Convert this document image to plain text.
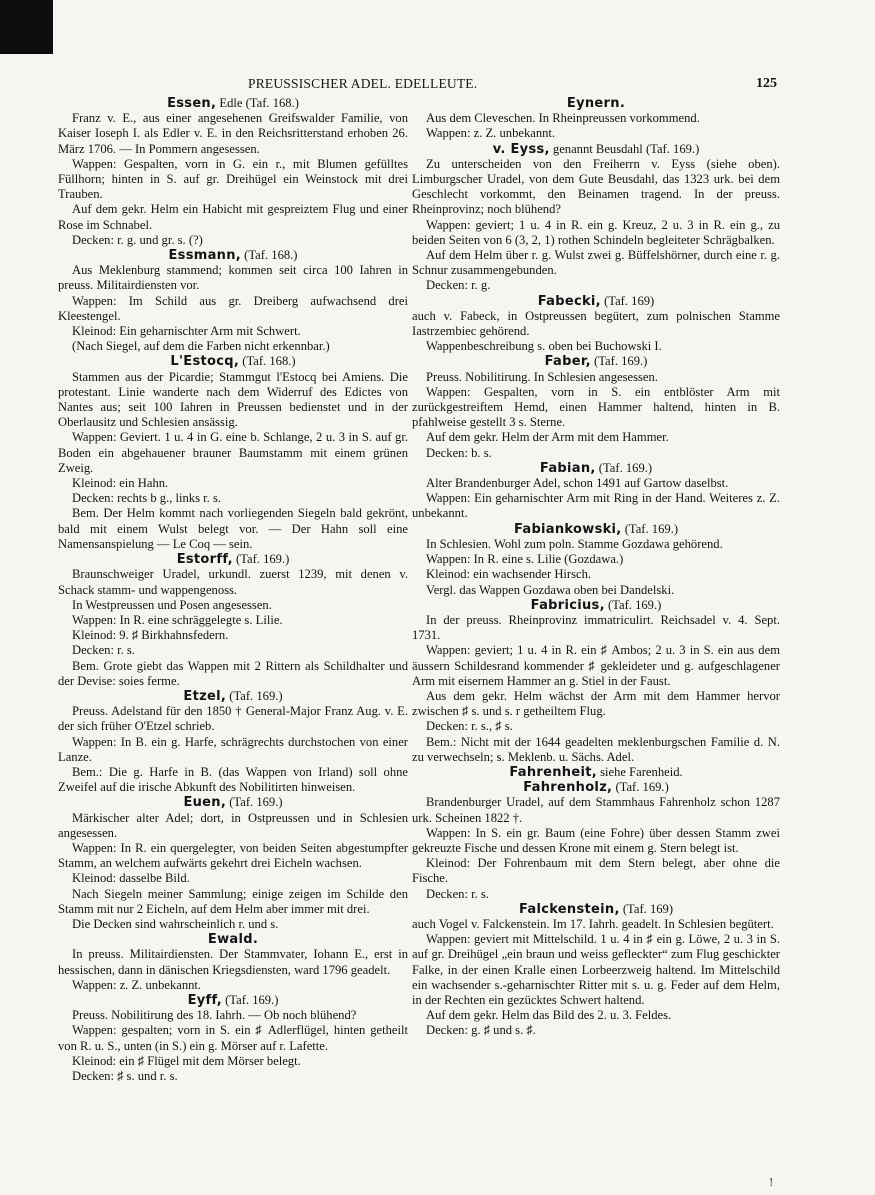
PREUSSISCHER ADEL. EDELLEUTE.	125

Essen, Edle (Taf. 168.)

Franz v. E., aus einer angesehenen Greifswalder Familie, von Kaiser Ioseph I. als Edler v. E. in den Reichsritterstand erhoben 26. März 1706. — In Pommern angesessen.

Wappen: Gespalten, vorn in G. ein r., mit Blumen gefülltes Füllhorn; hinten in S. auf gr. Dreihügel ein Weinstock mit drei Trauben.

Auf dem gekr. Helm ein Habicht mit gespreiztem Flug und einer Rose im Schnabel.

Decken: r. g. und gr. s. (?)

Essmann, (Taf. 168.)

Aus Meklenburg stammend; kommen seit circa 100 Iahren in preuss. Militairdiensten vor.

Wappen: Im Schild aus gr. Dreiberg aufwachsend drei Kleestengel.

Kleinod: Ein geharnischter Arm mit Schwert.

(Nach Siegel, auf dem die Farben nicht erkennbar.)

L'Estocq, (Taf. 168.)

Stammen aus der Picardie; Stammgut l'Estocq bei Amiens. Die protestant. Linie wanderte nach dem Widerruf des Edictes von Nantes aus; seit 100 Iahren in Preussen bedienstet und in der Oberlausitz und Schlesien ansässig.

Wappen: Geviert. 1 u. 4 in G. eine b. Schlange, 2 u. 3 in S. auf gr. Boden ein abgehauener brauner Baumstamm mit einem grünen Zweig.

Kleinod: ein Hahn.

Decken: rechts b g., links r. s.

Bem. Der Helm kommt nach vorliegenden Siegeln bald gekrönt, bald mit einem Wulst belegt vor. — Der Hahn soll eine Namensanspielung — Le Coq — sein.

Estorff, (Taf. 169.)

Braunschweiger Uradel, urkundl. zuerst 1239, mit denen v. Schack stamm- und wappengenoss.

In Westpreussen und Posen angesessen.

Wappen: In R. eine schräggelegte s. Lilie.

Kleinod: 9. ♯ Birkhahnsfedern.

Decken: r. s.

Bem. Grote giebt das Wappen mit 2 Rittern als Schildhalter und der Devise: soies ferme.

Etzel, (Taf. 169.)

Preuss. Adelstand für den 1850 † General-Major Franz Aug. v. E. der sich früher O'Etzel schrieb.

Wappen: In B. ein g. Harfe, schrägrechts durchstochen von einer Lanze.

Bem.: Die g. Harfe in B. (das Wappen von Irland) soll ohne Zweifel auf die irische Abkunft des Nobilitirten hinweisen.

Euen, (Taf. 169.)

Märkischer alter Adel; dort, in Ostpreussen und in Schlesien angesessen.

Wappen: In R. ein quergelegter, von beiden Seiten abgestumpfter Stamm, an welchem aufwärts gekehrt drei Eicheln wachsen.

Kleinod: dasselbe Bild.

Nach Siegeln meiner Sammlung; einige zeigen im Schilde den Stamm mit nur 2 Eicheln, auf dem Helm aber immer mit drei.

Die Decken sind wahrscheinlich r. und s.

Ewald.

In preuss. Militairdiensten. Der Stammvater, Iohann E., erst in hessischen, dann in dänischen Kriegsdiensten, ward 1796 geadelt.

Wappen: z. Z. unbekannt.

Eyff, (Taf. 169.)

Preuss. Nobilitirung des 18. Iahrh. — Ob noch blühend?

Wappen: gespalten; vorn in S. ein ♯ Adlerflügel, hinten getheilt von R. u. S., unten (in S.) ein g. Mörser auf r. Lafette.

Kleinod: ein ♯ Flügel mit dem Mörser belegt.

Decken: ♯ s. und r. s.

Eynern.

Aus dem Cleveschen. In Rheinpreussen vorkommend.

Wappen: z. Z. unbekannt.

v. Eyss, genannt Beusdahl (Taf. 169.)

Zu unterscheiden von den Freiherrn v. Eyss (siehe oben). Limburgscher Uradel, von dem Gute Beusdahl, das 1323 urk. bei dem Geschlecht vorkommt, den Beinamen tragend. In der preuss. Rheinprovinz; noch blühend?

Wappen: geviert; 1 u. 4 in R. ein g. Kreuz, 2 u. 3 in R. ein g., zu beiden Seiten von 6 (3, 2, 1) rothen Schindeln begleiteter Schrägbalken.

Auf dem Helm über r. g. Wulst zwei g. Büffelshörner, durch eine r. g. Schnur zusammengebunden.

Decken: r. g.

Fabecki, (Taf. 169)

auch v. Fabeck, in Ostpreussen begütert, zum polnischen Stamme Iastrzembiec gehörend.

Wappenbeschreibung s. oben bei Buchowski I.

Faber, (Taf. 169.)

Preuss. Nobilitirung. In Schlesien angesessen.

Wappen: Gespalten, vorn in S. ein entblöster Arm mit zurückgestreiftem Hemd, einen Hammer haltend, hinten in B. pfahlweise gestellt 3 s. Sterne.

Auf dem gekr. Helm der Arm mit dem Hammer.

Decken: b. s.

Fabian, (Taf. 169.)

Alter Brandenburger Adel, schon 1491 auf Gartow daselbst.

Wappen: Ein geharnischter Arm mit Ring in der Hand. Weiteres z. Z. unbekannt.

Fabiankowski, (Taf. 169.)

In Schlesien. Wohl zum poln. Stamme Gozdawa gehörend.

Wappen: In R. eine s. Lilie (Gozdawa.)

Kleinod: ein wachsender Hirsch.

Vergl. das Wappen Gozdawa oben bei Dandelski.

Fabricius, (Taf. 169.)

In der preuss. Rheinprovinz immatriculirt. Reichsadel v. 4. Sept. 1731.

Wappen: geviert; 1 u. 4 in R. ein ♯ Ambos; 2 u. 3 in S. ein aus dem äussern Schildesrand kommender ♯ gekleideter und g. aufgeschlagener Arm mit eisernem Hammer an g. Stiel in der Faust.

Aus dem gekr. Helm wächst der Arm mit dem Hammer hervor zwischen ♯ s. und s. r getheiltem Flug.

Decken: r. s., ♯ s.

Bem.: Nicht mit der 1644 geadelten meklenburgschen Familie d. N. zu verwechseln; s. Meklenb. u. Sächs. Adel.

Fahrenheit, siehe Farenheid.

Fahrenholz, (Taf. 169.)

Brandenburger Uradel, auf dem Stammhaus Fahrenholz schon 1287 urk. Scheinen 1822 †.

Wappen: In S. ein gr. Baum (eine Fohre) über dessen Stamm zwei gekreuzte Fische und dessen Krone mit einem g. Stern belegt ist.

Kleinod: Der Fohrenbaum mit dem Stern belegt, aber ohne die Fische.

Decken: r. s.

Falckenstein, (Taf. 169)

auch Vogel v. Falckenstein. Im 17. Iahrh. geadelt. In Schlesien begütert.

Wappen: geviert mit Mittelschild. 1 u. 4 in ♯ ein g. Löwe, 2 u. 3 in S. auf gr. Dreihügel „ein braun und weiss gefleckter“ zum Flug geschickter Falke, in der einen Kralle einen Lorbeerzweig haltend. Im Mittelschild ein wachsender s.-geharnischter Ritter mit s. u. g. Feder auf dem Helm, in der Rechten ein gezücktes Schwert haltend.

Auf dem gekr. Helm das Bild des 2. u. 3. Feldes.

Decken: g. ♯ und s. ♯.

!
